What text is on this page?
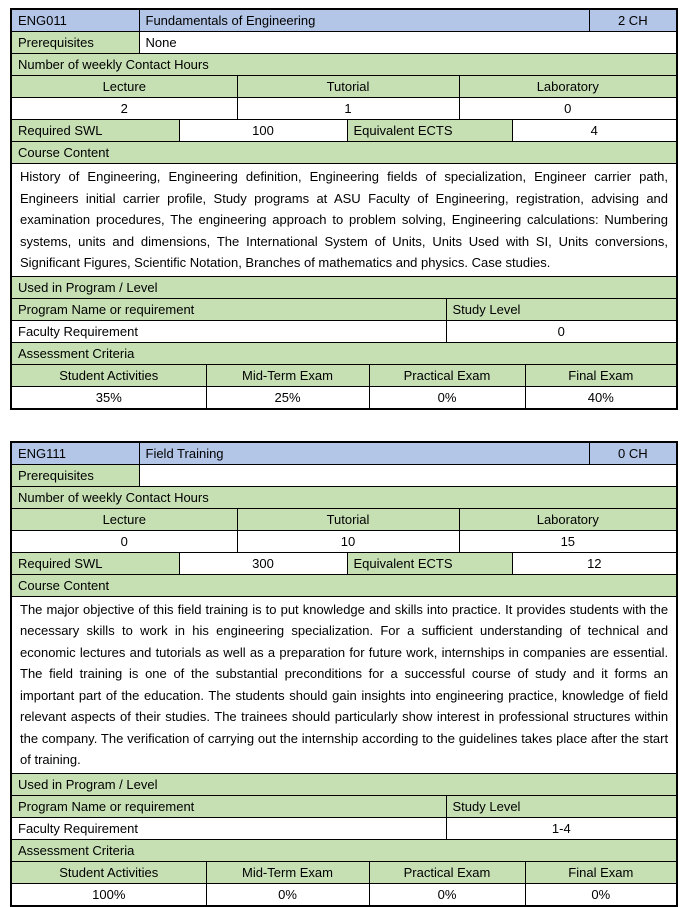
ENG011	Fundamentals of Engineering										2 CH
Prerequisites	None										
Number of weekly Contact Hours											
Lecture				Tutorial				Laboratory			
2				1				0			
Required SWL		100			Equivalent ECTS				4		
Course Content											
History of Engineering, Engineering definition, Engineering fields of specialization, Engineer carrier path, Engineers initial carrier profile, Study programs at ASU Faculty of Engineering, registration, advising and examination procedures, The engineering approach to problem solving, Engineering calculations: Numbering systems, units and dimensions, The International System of Units, Units Used with SI, Units conversions, Significant Figures, Scientific Notation, Branches of mathematics and physics. Case studies.											
Used in Program / Level											
Program Name or requirement							Study Level				
Faculty Requirement							0				
Assessment Criteria											
Student Activities			Mid-Term Exam			Practical Exam				Final Exam	
35%			25%			0%				40%	
ENG111	Field Training										0 CH
Prerequisites											
Number of weekly Contact Hours											
Lecture				Tutorial				Laboratory			
0				10				15			
Required SWL		300			Equivalent ECTS				12		
Course Content											
The major objective of this field training is to put knowledge and skills into practice. It provides students with the necessary skills to work in his engineering specialization. For a sufficient understanding of technical and economic lectures and tutorials as well as a preparation for future work, internships in companies are essential. The field training is one of the substantial preconditions for a successful course of study and it forms an important part of the education. The students should gain insights into engineering practice, knowledge of field relevant aspects of their studies. The trainees should particularly show interest in professional structures within the company. The verification of carrying out the internship according to the guidelines takes place after the start of training.											
Used in Program / Level											
Program Name or requirement							Study Level				
Faculty Requirement							1-4				
Assessment Criteria											
Student Activities			Mid-Term Exam			Practical Exam				Final Exam	
100%			0%			0%				0%	
